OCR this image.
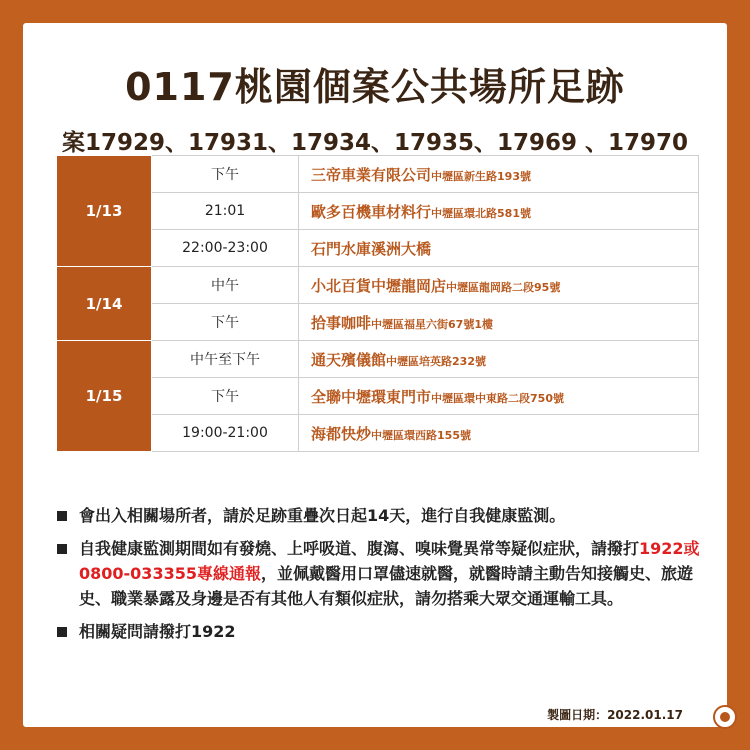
0117桃園個案公共場所足跡
案17929、17931、17934、17935、17969 、17970
1/13	下午	三帝車業有限公司中壢區新生路193號
	21:01	歐多百機車材料行中壢區環北路581號
	22:00-23:00	石門水庫溪洲大橋
1/14	中午	小北百貨中壢龍岡店中壢區龍岡路二段95號
	下午	拾事咖啡中壢區福星六街67號1樓
1/15	中午至下午	通天殯儀館中壢區培英路232號
	下午	全聯中壢環東門市中壢區環中東路二段750號
	19:00-21:00	海都快炒中壢區環西路155號
會出入相關場所者，請於足跡重疊次日起14天，進行自我健康監測。
自我健康監測期間如有發燒、上呼吸道、腹瀉、嗅味覺異常等疑似症狀，請撥打1922或0800-033355專線通報，並佩戴醫用口罩儘速就醫，就醫時請主動告知接觸史、旅遊史、職業暴露及身邊是否有其他人有類似症狀，請勿搭乘大眾交通運輸工具。
相關疑問請撥打1922
製圖日期：2022.01.17
